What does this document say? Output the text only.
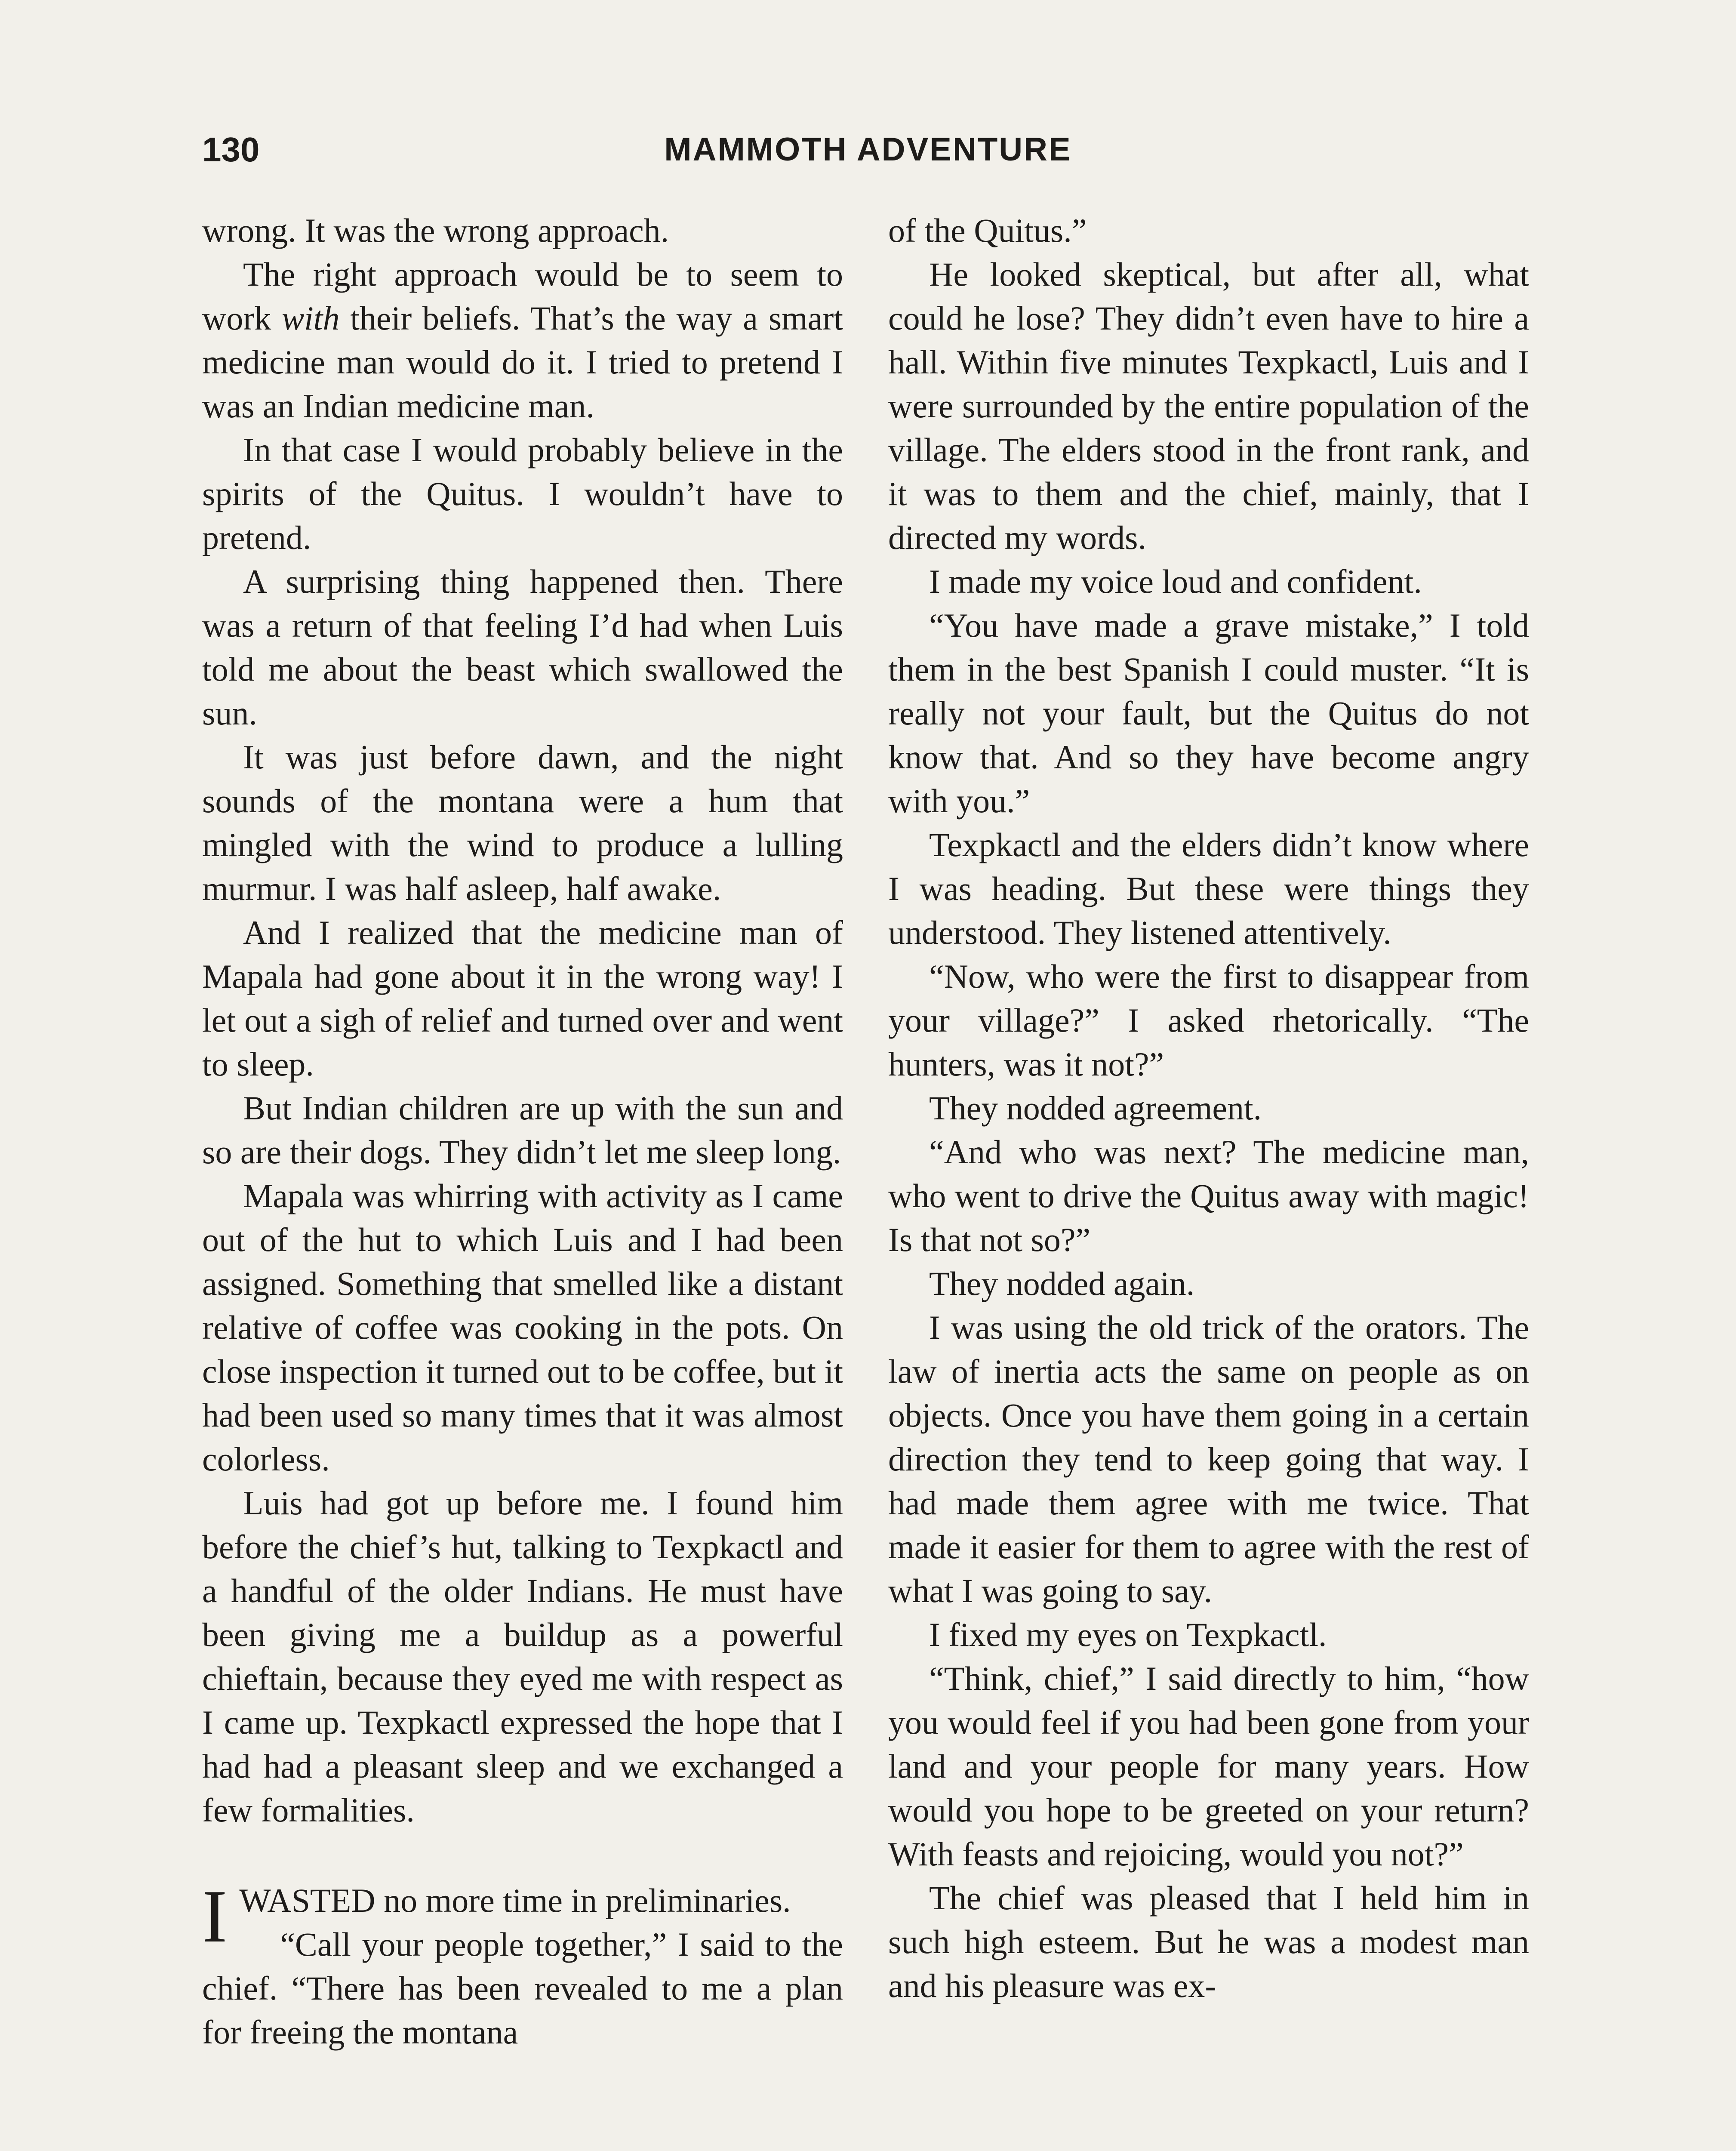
130	MAMMOTH ADVENTURE

wrong. It was the wrong approach.

The right approach would be to seem to work with their beliefs. That’s the way a smart medicine man would do it. I tried to pretend I was an Indian medicine man.

In that case I would probably believe in the spirits of the Quitus. I wouldn’t have to pretend.

A surprising thing happened then. There was a return of that feeling I’d had when Luis told me about the beast which swallowed the sun.

It was just before dawn, and the night sounds of the montana were a hum that mingled with the wind to produce a lulling murmur. I was half asleep, half awake.

And I realized that the medicine man of Mapala had gone about it in the wrong way! I let out a sigh of relief and turned over and went to sleep.

But Indian children are up with the sun and so are their dogs. They didn’t let me sleep long.

Mapala was whirring with activity as I came out of the hut to which Luis and I had been assigned. Something that smelled like a distant relative of coffee was cooking in the pots. On close inspection it turned out to be coffee, but it had been used so many times that it was almost colorless.

Luis had got up before me. I found him before the chief’s hut, talking to Texpkactl and a handful of the older Indians. He must have been giving me a buildup as a powerful chieftain, because they eyed me with respect as I came up. Texpkactl expressed the hope that I had had a pleasant sleep and we exchanged a few formalities.

IWASTED no more time in preliminaries.

“Call your people together,” I said to the chief. “There has been revealed to me a plan for freeing the montana

of the Quitus.”

He looked skeptical, but after all, what could he lose? They didn’t even have to hire a hall. Within five minutes Texpkactl, Luis and I were surrounded by the entire population of the village. The elders stood in the front rank, and it was to them and the chief, mainly, that I directed my words.

I made my voice loud and confident.

“You have made a grave mistake,” I told them in the best Spanish I could muster. “It is really not your fault, but the Quitus do not know that. And so they have become angry with you.”

Texpkactl and the elders didn’t know where I was heading. But these were things they understood. They listened attentively.

“Now, who were the first to disappear from your village?” I asked rhetorically. “The hunters, was it not?”

They nodded agreement.

“And who was next? The medicine man, who went to drive the Quitus away with magic! Is that not so?”

They nodded again.

I was using the old trick of the orators. The law of inertia acts the same on people as on objects. Once you have them going in a certain direction they tend to keep going that way. I had made them agree with me twice. That made it easier for them to agree with the rest of what I was going to say.

I fixed my eyes on Texpkactl.

“Think, chief,” I said directly to him, “how you would feel if you had been gone from your land and your people for many years. How would you hope to be greeted on your return? With feasts and rejoicing, would you not?”

The chief was pleased that I held him in such high esteem. But he was a modest man and his pleasure was ex-
